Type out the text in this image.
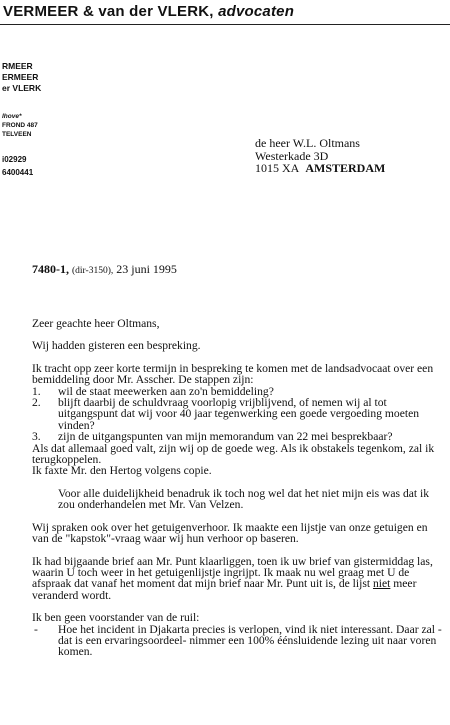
VERMEER & van der VLERK, advocaten
RMEER
ERMEER
er VLERK
lhove*
FROND 487
TELVEEN
i02929
6400441
de heer W.L. Oltmans
Westerkade 3D
1015 XA AMSTERDAM
7480-1, (dir-3150), 23 juni 1995

Zeer geachte heer Oltmans,

Wij hadden gisteren een bespreking.

Ik tracht opp zeer korte termijn in bespreking te komen met de landsadvocaat over een bemiddeling door Mr. Asscher. De stappen zijn:

1. wil de staat meewerken aan zo'n bemiddeling?
2. blijft daarbij de schuldvraag voorlopig vrijblijvend, of nemen wij al tot uitgangspunt dat wij voor 40 jaar tegenwerking een goede vergoeding moeten vinden?
3. zijn de uitgangspunten van mijn memorandum van 22 mei besprekbaar?

Als dat allemaal goed valt, zijn wij op de goede weg. Als ik obstakels tegenkom, zal ik terugkoppelen.

Ik faxte Mr. den Hertog volgens copie.

Voor alle duidelijkheid benadruk ik toch nog wel dat het niet mijn eis was dat ik zou onderhandelen met Mr. Van Velzen.

Wij spraken ook over het getuigenverhoor. Ik maakte een lijstje van onze getuigen en van de "kapstok"-vraag waar wij hun verhoor op baseren.

Ik had bijgaande brief aan Mr. Punt klaarliggen, toen ik uw brief van gistermiddag las, waarin U toch weer in het getuigenlijstje ingrijpt. Ik maak nu wel graag met U de afspraak dat vanaf het moment dat mijn brief naar Mr. Punt uit is, de lijst niet meer veranderd wordt.

Ik ben geen voorstander van de ruil:

- Hoe het incident in Djakarta precies is verlopen, vind ik niet interessant. Daar zal -dat is een ervaringsoordeel- nimmer een 100% éénsluidende lezing uit naar voren komen.
